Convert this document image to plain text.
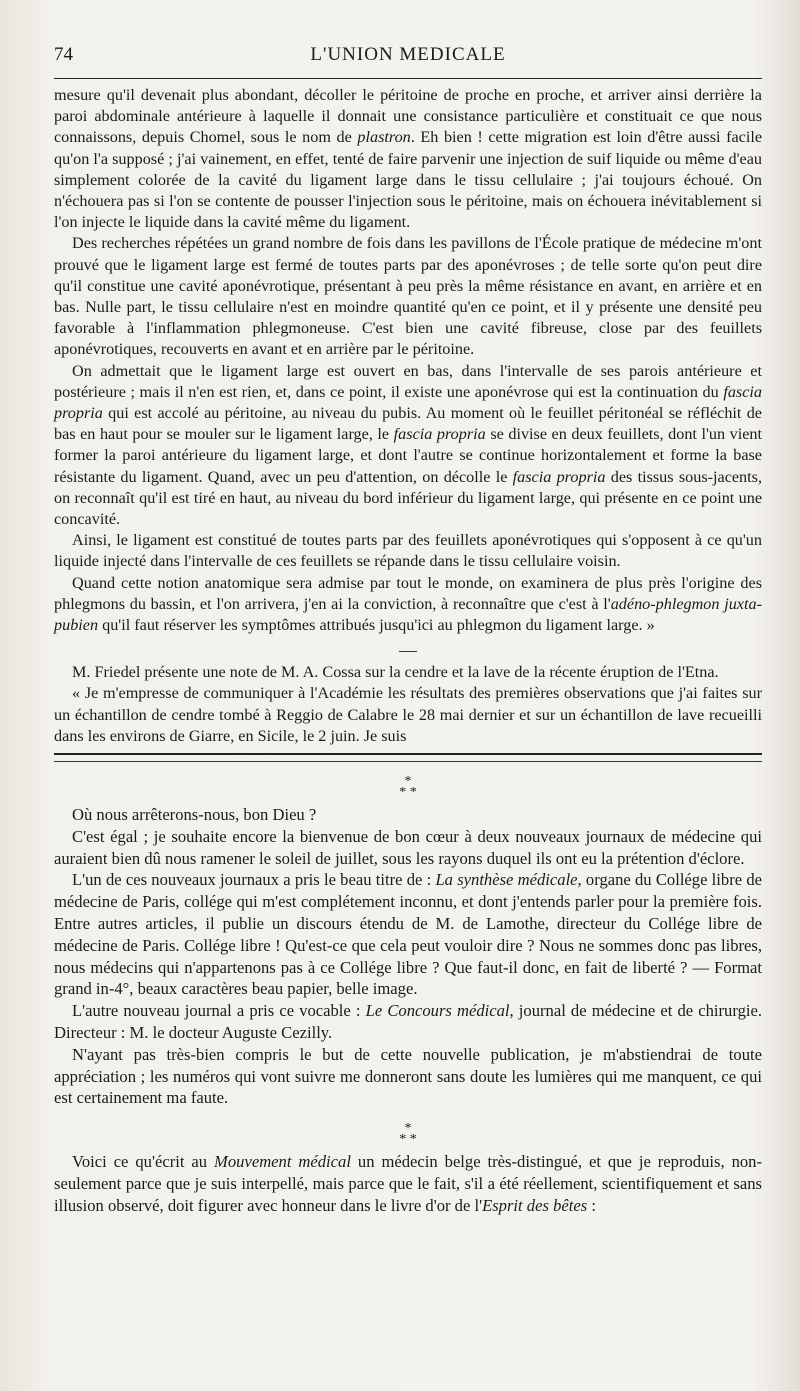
74	L'UNION MEDICALE

mesure qu'il devenait plus abondant, décoller le péritoine de proche en proche, et arriver ainsi derrière la paroi abdominale antérieure à laquelle il donnait une consistance particulière et constituait ce que nous connaissons, depuis Chomel, sous le nom de plastron. Eh bien ! cette migration est loin d'être aussi facile qu'on l'a supposé ; j'ai vainement, en effet, tenté de faire parvenir une injection de suif liquide ou même d'eau simplement colorée de la cavité du ligament large dans le tissu cellulaire ; j'ai toujours échoué. On n'échouera pas si l'on se contente de pousser l'injection sous le péritoine, mais on échouera inévitablement si l'on injecte le liquide dans la cavité même du ligament.

Des recherches répétées un grand nombre de fois dans les pavillons de l'École pratique de médecine m'ont prouvé que le ligament large est fermé de toutes parts par des aponévroses ; de telle sorte qu'on peut dire qu'il constitue une cavité aponévrotique, présentant à peu près la même résistance en avant, en arrière et en bas. Nulle part, le tissu cellulaire n'est en moindre quantité qu'en ce point, et il y présente une densité peu favorable à l'inflammation phlegmoneuse. C'est bien une cavité fibreuse, close par des feuillets aponévrotiques, recouverts en avant et en arrière par le péritoine.

On admettait que le ligament large est ouvert en bas, dans l'intervalle de ses parois antérieure et postérieure ; mais il n'en est rien, et, dans ce point, il existe une aponévrose qui est la continuation du fascia propria qui est accolé au péritoine, au niveau du pubis. Au moment où le feuillet péritonéal se réfléchit de bas en haut pour se mouler sur le ligament large, le fascia propria se divise en deux feuillets, dont l'un vient former la paroi antérieure du ligament large, et dont l'autre se continue horizontalement et forme la base résistante du ligament. Quand, avec un peu d'attention, on décolle le fascia propria des tissus sous-jacents, on reconnaît qu'il est tiré en haut, au niveau du bord inférieur du ligament large, qui présente en ce point une concavité.

Ainsi, le ligament est constitué de toutes parts par des feuillets aponévrotiques qui s'opposent à ce qu'un liquide injecté dans l'intervalle de ces feuillets se répande dans le tissu cellulaire voisin.

Quand cette notion anatomique sera admise par tout le monde, on examinera de plus près l'origine des phlegmons du bassin, et l'on arrivera, j'en ai la conviction, à reconnaître que c'est à l'adéno-phlegmon juxta-pubien qu'il faut réserver les symptômes attribués jusqu'ici au phlegmon du ligament large. »

—

M. Friedel présente une note de M. A. Cossa sur la cendre et la lave de la récente éruption de l'Etna.

« Je m'empresse de communiquer à l'Académie les résultats des premières observations que j'ai faites sur un échantillon de cendre tombé à Reggio de Calabre le 28 mai dernier et sur un échantillon de lave recueilli dans les environs de Giarre, en Sicile, le 2 juin. Je suis

*
* *

Où nous arrêterons-nous, bon Dieu ?

C'est égal ; je souhaite encore la bienvenue de bon cœur à deux nouveaux journaux de médecine qui auraient bien dû nous ramener le soleil de juillet, sous les rayons duquel ils ont eu la prétention d'éclore.

L'un de ces nouveaux journaux a pris le beau titre de : La synthèse médicale, organe du Collége libre de médecine de Paris, collége qui m'est complétement inconnu, et dont j'entends parler pour la première fois. Entre autres articles, il publie un discours étendu de M. de Lamothe, directeur du Collége libre de médecine de Paris. Collége libre ! Qu'est-ce que cela peut vouloir dire ? Nous ne sommes donc pas libres, nous médecins qui n'appartenons pas à ce Collége libre ? Que faut-il donc, en fait de liberté ? — Format grand in-4°, beaux caractères beau papier, belle image.

L'autre nouveau journal a pris ce vocable : Le Concours médical, journal de médecine et de chirurgie. Directeur : M. le docteur Auguste Cezilly.

N'ayant pas très-bien compris le but de cette nouvelle publication, je m'abstiendrai de toute appréciation ; les numéros qui vont suivre me donneront sans doute les lumières qui me manquent, ce qui est certainement ma faute.

*
* *

Voici ce qu'écrit au Mouvement médical un médecin belge très-distingué, et que je reproduis, non-seulement parce que je suis interpellé, mais parce que le fait, s'il a été réellement, scientifiquement et sans illusion observé, doit figurer avec honneur dans le livre d'or de l'Esprit des bêtes :
